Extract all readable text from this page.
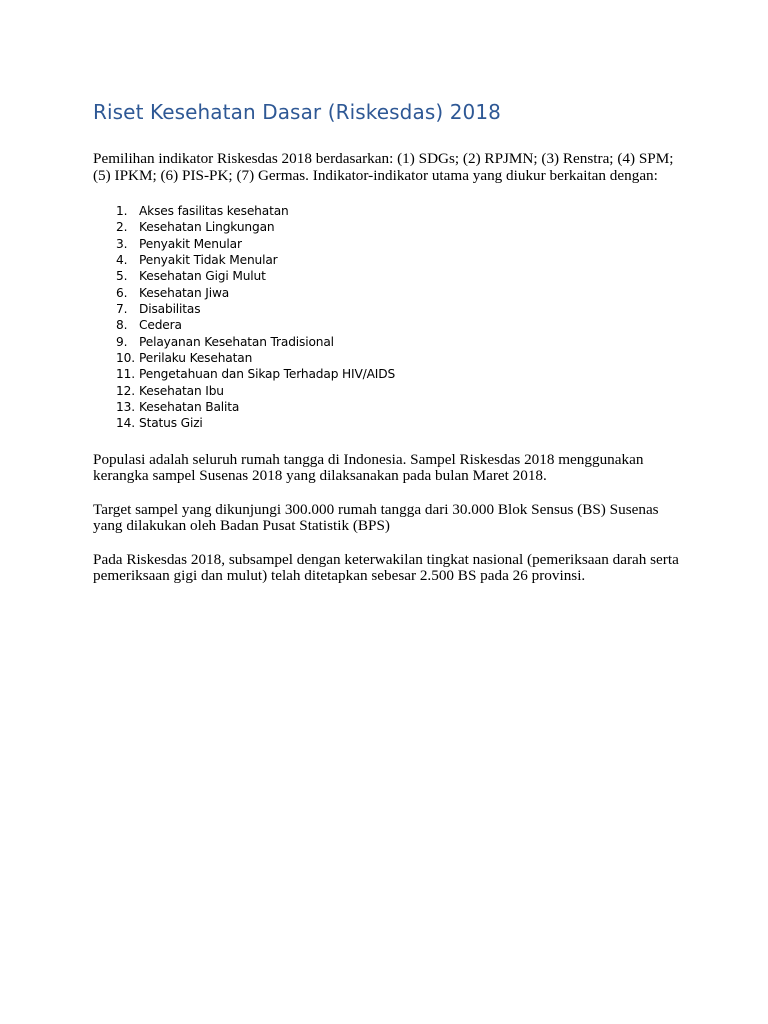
Riset Kesehatan Dasar (Riskesdas) 2018

Pemilihan indikator Riskesdas 2018 berdasarkan: (1) SDGs; (2) RPJMN; (3) Renstra; (4) SPM; (5) IPKM; (6) PIS-PK; (7) Germas. Indikator-indikator utama yang diukur berkaitan dengan:

1. Akses fasilitas kesehatan
2. Kesehatan Lingkungan
3. Penyakit Menular
4. Penyakit Tidak Menular
5. Kesehatan Gigi Mulut
6. Kesehatan Jiwa
7. Disabilitas
8. Cedera
9. Pelayanan Kesehatan Tradisional
10. Perilaku Kesehatan
11. Pengetahuan dan Sikap Terhadap HIV/AIDS
12. Kesehatan Ibu
13. Kesehatan Balita
14. Status Gizi

Populasi adalah seluruh rumah tangga di Indonesia. Sampel Riskesdas 2018 menggunakan kerangka sampel Susenas 2018 yang dilaksanakan pada bulan Maret 2018.

Target sampel yang dikunjungi 300.000 rumah tangga dari 30.000 Blok Sensus (BS) Susenas yang dilakukan oleh Badan Pusat Statistik (BPS)

Pada Riskesdas 2018, subsampel dengan keterwakilan tingkat nasional (pemeriksaan darah serta pemeriksaan gigi dan mulut) telah ditetapkan sebesar 2.500 BS pada 26 provinsi.
